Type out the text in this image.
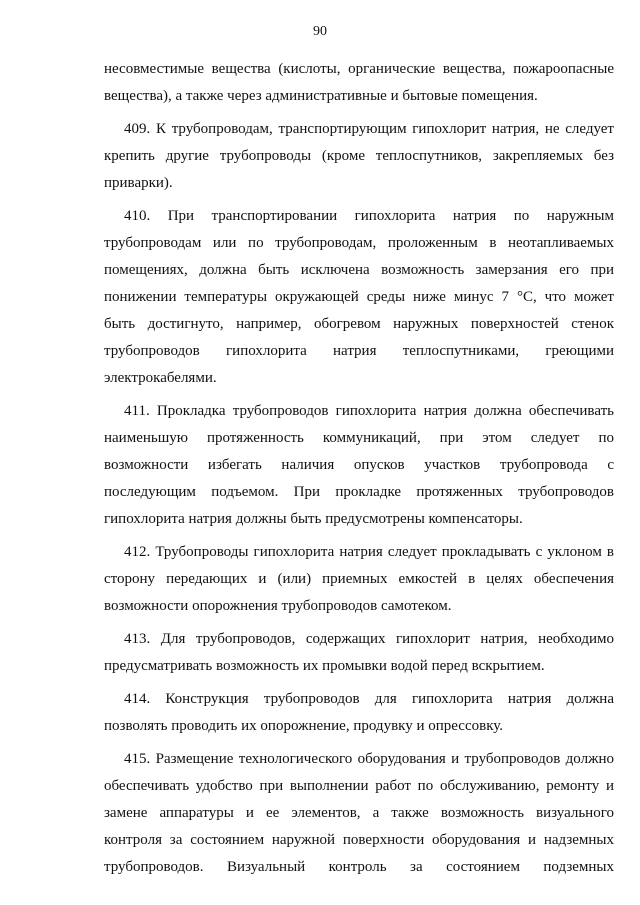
90
несовместимые вещества (кислоты, органические вещества, пожароопасные
вещества), а также через административные и бытовые помещения.
409. К трубопроводам, транспортирующим гипохлорит натрия, не следует
крепить другие трубопроводы (кроме теплоспутников, закрепляемых без
приварки).
410. При транспортировании гипохлорита натрия по наружным
трубопроводам или по трубопроводам, проложенным в неотапливаемых
помещениях, должна быть исключена возможность замерзания его при
понижении температуры окружающей среды ниже минус 7 °С, что может
быть достигнуто, например, обогревом наружных поверхностей стенок
трубопроводов гипохлорита натрия теплоспутниками, греющими
электрокабелями.
411. Прокладка трубопроводов гипохлорита натрия должна обеспечивать
наименьшую протяженность коммуникаций, при этом следует по
возможности избегать наличия опусков участков трубопровода с
последующим подъемом. При прокладке протяженных трубопроводов
гипохлорита натрия должны быть предусмотрены компенсаторы.
412. Трубопроводы гипохлорита натрия следует прокладывать с уклоном в
сторону передающих и (или) приемных емкостей в целях обеспечения
возможности опорожнения трубопроводов самотеком.
413. Для трубопроводов, содержащих гипохлорит натрия, необходимо
предусматривать возможность их промывки водой перед вскрытием.
414. Конструкция трубопроводов для гипохлорита натрия должна
позволять проводить их опорожнение, продувку и опрессовку.
415. Размещение технологического оборудования и трубопроводов должно
обеспечивать удобство при выполнении работ по обслуживанию, ремонту и
замене аппаратуры и ее элементов, а также возможность визуального
контроля за состоянием наружной поверхности оборудования и надземных
трубопроводов. Визуальный контроль за состоянием подземных
